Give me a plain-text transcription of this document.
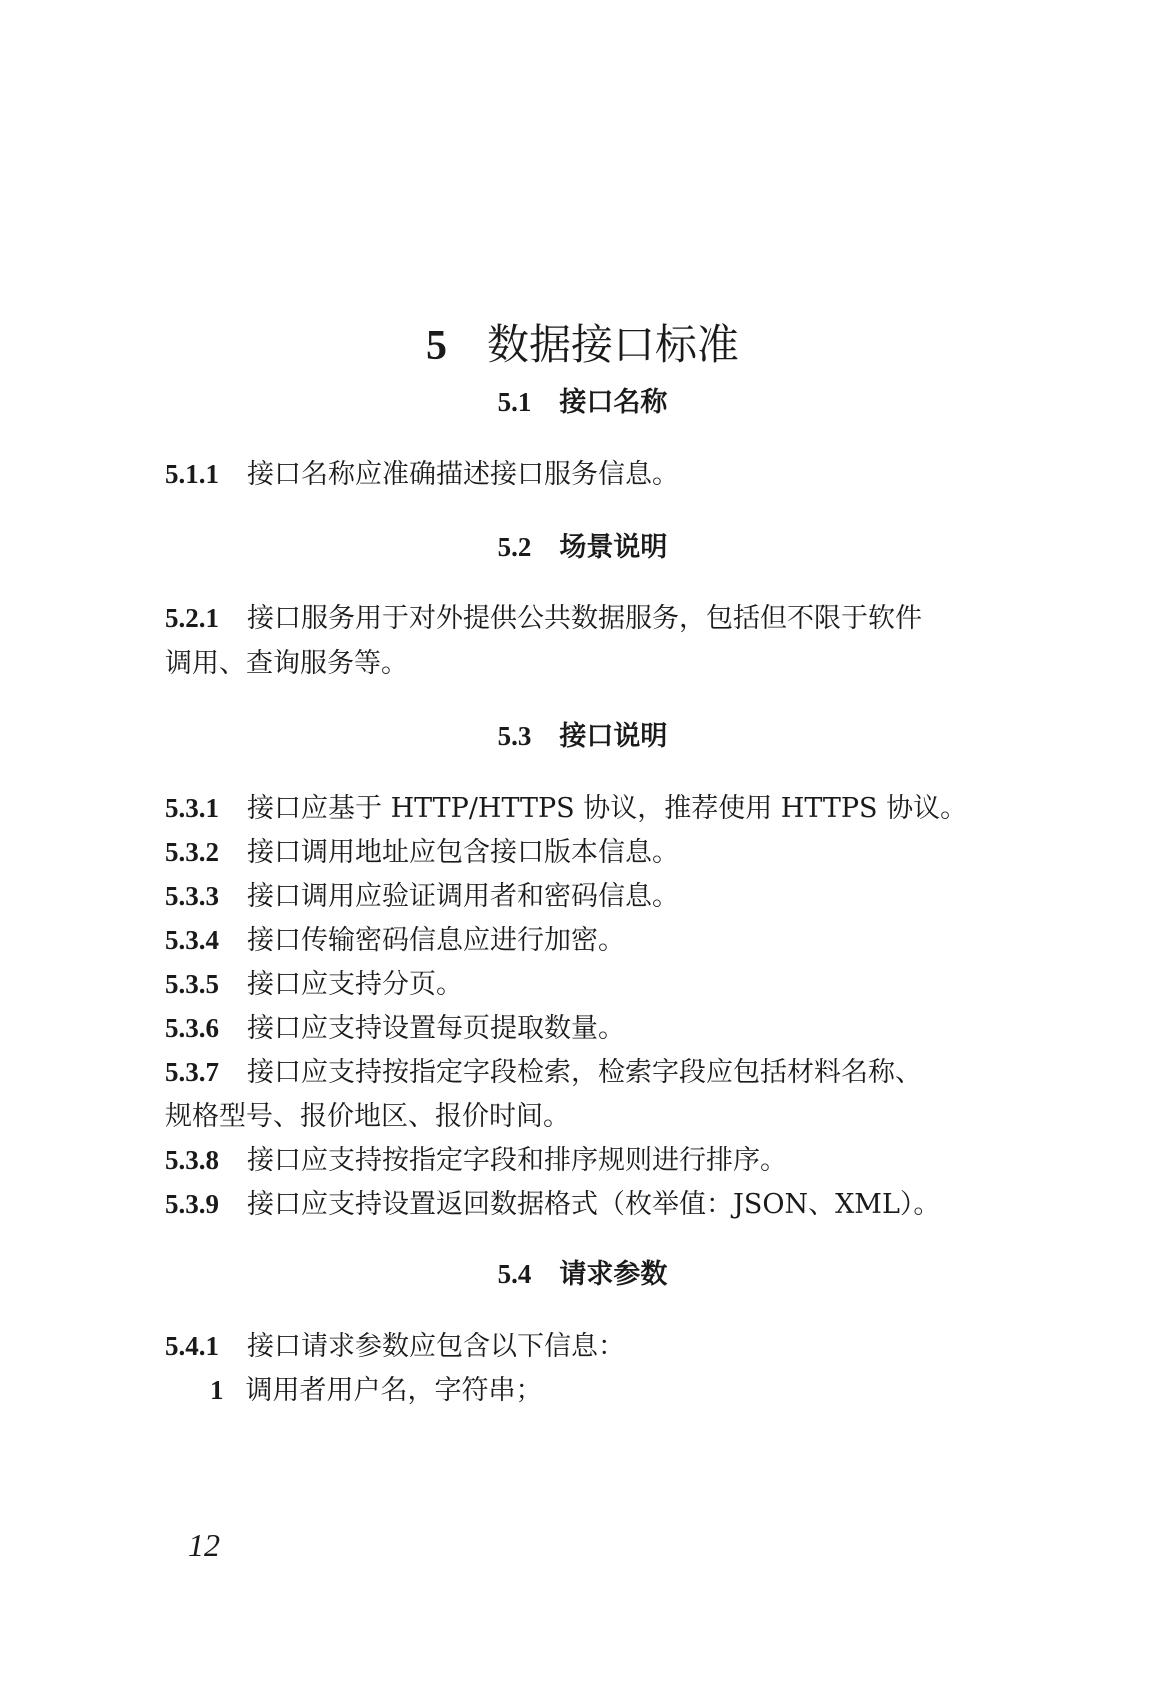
5 数据接口标准
5.1 接口名称
5.1.1 接口名称应准确描述接口服务信息。
5.2 场景说明
5.2.1 接口服务用于对外提供公共数据服务，包括但不限于软件
调用、查询服务等。
5.3 接口说明
5.3.1 接口应基于 HTTP/HTTPS 协议，推荐使用 HTTPS 协议。
5.3.2 接口调用地址应包含接口版本信息。
5.3.3 接口调用应验证调用者和密码信息。
5.3.4 接口传输密码信息应进行加密。
5.3.5 接口应支持分页。
5.3.6 接口应支持设置每页提取数量。
5.3.7 接口应支持按指定字段检索，检索字段应包括材料名称、
规格型号、报价地区、报价时间。
5.3.8 接口应支持按指定字段和排序规则进行排序。
5.3.9 接口应支持设置返回数据格式（枚举值：JSON、XML）。
5.4 请求参数
5.4.1 接口请求参数应包含以下信息：
1 调用者用户名，字符串；
12
